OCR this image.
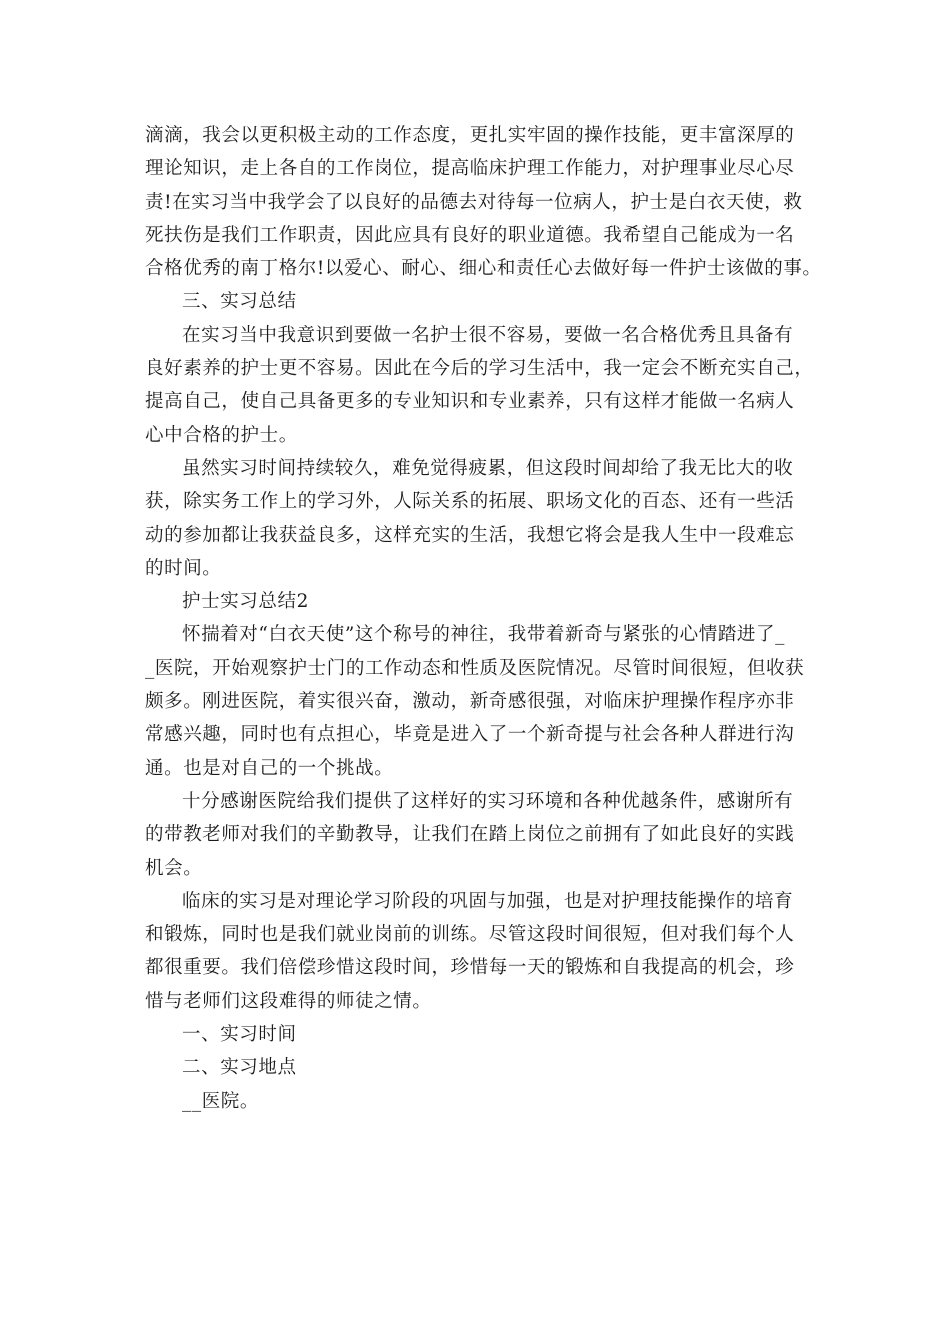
滴滴，我会以更积极主动的工作态度，更扎实牢固的操作技能，更丰富深厚的
理论知识，走上各自的工作岗位，提高临床护理工作能力，对护理事业尽心尽
责!在实习当中我学会了以良好的品德去对待每一位病人，护士是白衣天使，救
死扶伤是我们工作职责，因此应具有良好的职业道德。我希望自己能成为一名
合格优秀的南丁格尔!以爱心、耐心、细心和责任心去做好每一件护士该做的事。
三、实习总结
在实习当中我意识到要做一名护士很不容易，要做一名合格优秀且具备有
良好素养的护士更不容易。因此在今后的学习生活中，我一定会不断充实自己，
提高自己，使自己具备更多的专业知识和专业素养，只有这样才能做一名病人
心中合格的护士。
虽然实习时间持续较久，难免觉得疲累，但这段时间却给了我无比大的收
获，除实务工作上的学习外，人际关系的拓展、职场文化的百态、还有一些活
动的参加都让我获益良多，这样充实的生活，我想它将会是我人生中一段难忘
的时间。
护士实习总结2
怀揣着对“白衣天使”这个称号的神往，我带着新奇与紧张的心情踏进了_
_医院，开始观察护士门的工作动态和性质及医院情况。尽管时间很短，但收获
颇多。刚进医院，着实很兴奋，激动，新奇感很强，对临床护理操作程序亦非
常感兴趣，同时也有点担心，毕竟是进入了一个新奇提与社会各种人群进行沟
通。也是对自己的一个挑战。
十分感谢医院给我们提供了这样好的实习环境和各种优越条件，感谢所有
的带教老师对我们的辛勤教导，让我们在踏上岗位之前拥有了如此良好的实践
机会。
临床的实习是对理论学习阶段的巩固与加强，也是对护理技能操作的培育
和锻炼，同时也是我们就业岗前的训练。尽管这段时间很短，但对我们每个人
都很重要。我们倍偿珍惜这段时间，珍惜每一天的锻炼和自我提高的机会，珍
惜与老师们这段难得的师徒之情。
一、实习时间
二、实习地点
__医院。
